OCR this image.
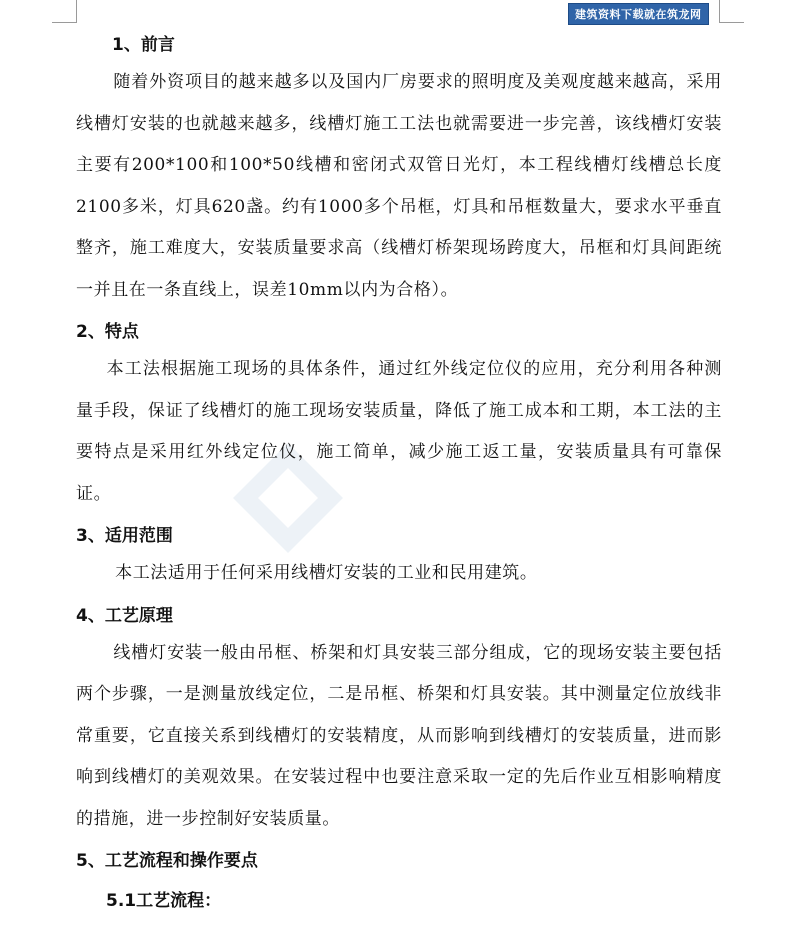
建筑资料下载就在筑龙网
1、前言

随着外资项目的越来越多以及国内厂房要求的照明度及美观度越来越高，采用线槽灯安装的也就越来越多，线槽灯施工工法也就需要进一步完善，该线槽灯安装主要有200*100和100*50线槽和密闭式双管日光灯，本工程线槽灯线槽总长度2100多米，灯具620盏。约有1000多个吊框，灯具和吊框数量大，要求水平垂直整齐，施工难度大，安装质量要求高（线槽灯桥架现场跨度大，吊框和灯具间距统一并且在一条直线上，误差10mm以内为合格）。

2、特点

本工法根据施工现场的具体条件，通过红外线定位仪的应用，充分利用各种测量手段，保证了线槽灯的施工现场安装质量，降低了施工成本和工期，本工法的主要特点是采用红外线定位仪，施工简单，减少施工返工量，安装质量具有可靠保证。

3、适用范围

本工法适用于任何采用线槽灯安装的工业和民用建筑。

4、工艺原理

线槽灯安装一般由吊框、桥架和灯具安装三部分组成，它的现场安装主要包括两个步骤，一是测量放线定位，二是吊框、桥架和灯具安装。其中测量定位放线非常重要，它直接关系到线槽灯的安装精度，从而影响到线槽灯的安装质量，进而影响到线槽灯的美观效果。在安装过程中也要注意采取一定的先后作业互相影响精度的措施，进一步控制好安装质量。

5、工艺流程和操作要点
5.1工艺流程：
